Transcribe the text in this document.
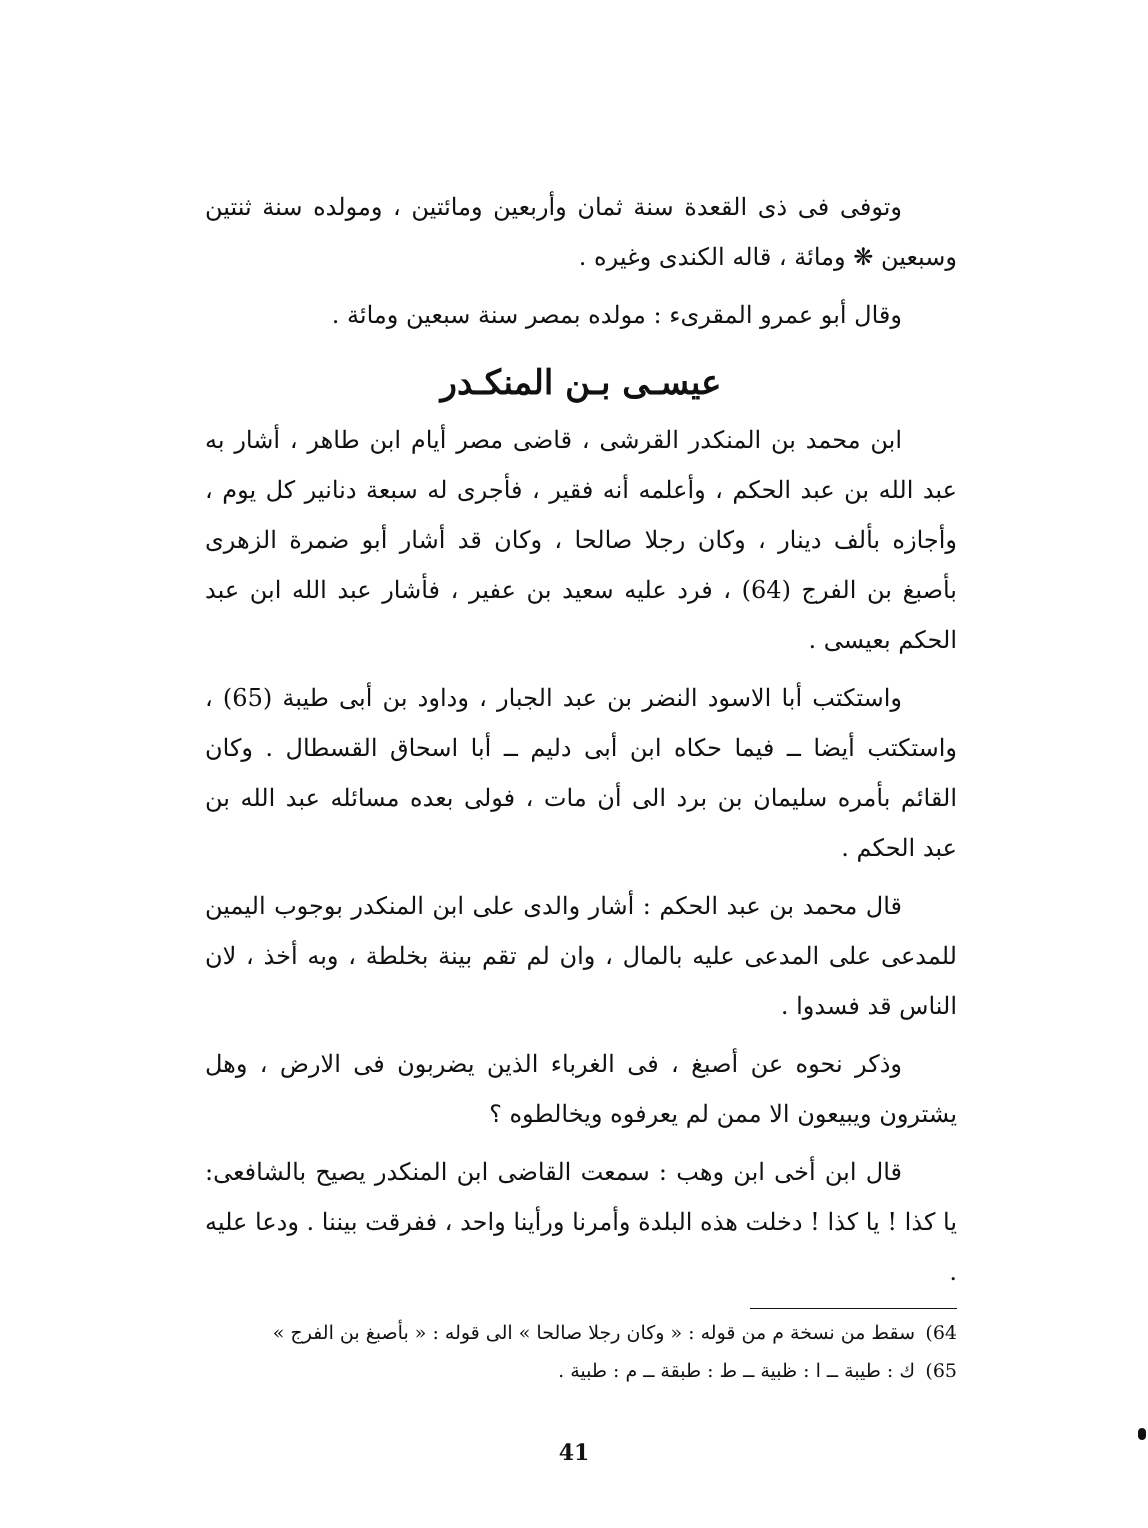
وتوفى فى ذى القعدة سنة ثمان وأربعين ومائتين ، ومولده سنة ثنتين وسبعين ❋ ومائة ، قاله الكندى وغيره .

وقال أبو عمرو المقرىء : مولده بمصر سنة سبعين ومائة .

عيسـى بـن المنكـدر

ابن محمد بن المنكدر القرشى ، قاضى مصر أيام ابن طاهر ، أشار به عبد الله بن عبد الحكم ، وأعلمه أنه فقير ، فأجرى له سبعة دنانير كل يوم ، وأجازه بألف دينار ، وكان رجلا صالحا ، وكان قد أشار أبو ضمرة الزهرى بأصبغ بن الفرج (64) ، فرد عليه سعيد بن عفير ، فأشار عبد الله ابن عبد الحكم بعيسى .

واستكتب أبا الاسود النضر بن عبد الجبار ، وداود بن أبى طيبة (65) ، واستكتب أيضا ــ فيما حكاه ابن أبى دليم ــ أبا اسحاق القسطال . وكان القائم بأمره سليمان بن برد الى أن مات ، فولى بعده مسائله عبد الله بن عبد الحكم .

قال محمد بن عبد الحكم : أشار والدى على ابن المنكدر بوجوب اليمين للمدعى على المدعى عليه بالمال ، وان لم تقم بينة بخلطة ، وبه أخذ ، لان الناس قد فسدوا .

وذكر نحوه عن أصبغ ، فى الغرباء الذين يضربون فى الارض ، وهل يشترون ويبيعون الا ممن لم يعرفوه ويخالطوه ؟

قال ابن أخى ابن وهب : سمعت القاضى ابن المنكدر يصيح بالشافعى: يا كذا ! يا كذا ! دخلت هذه البلدة وأمرنا ورأينا واحد ، ففرقت بيننا . ودعا عليه .

64)
سقط من نسخة م من قوله : « وكان رجلا صالحا » الى قوله : « بأصبغ بن الفرج »
65)
ك : طيبة ــ ا : ظبية ــ ط : طبقة ــ م : طبية .
41
